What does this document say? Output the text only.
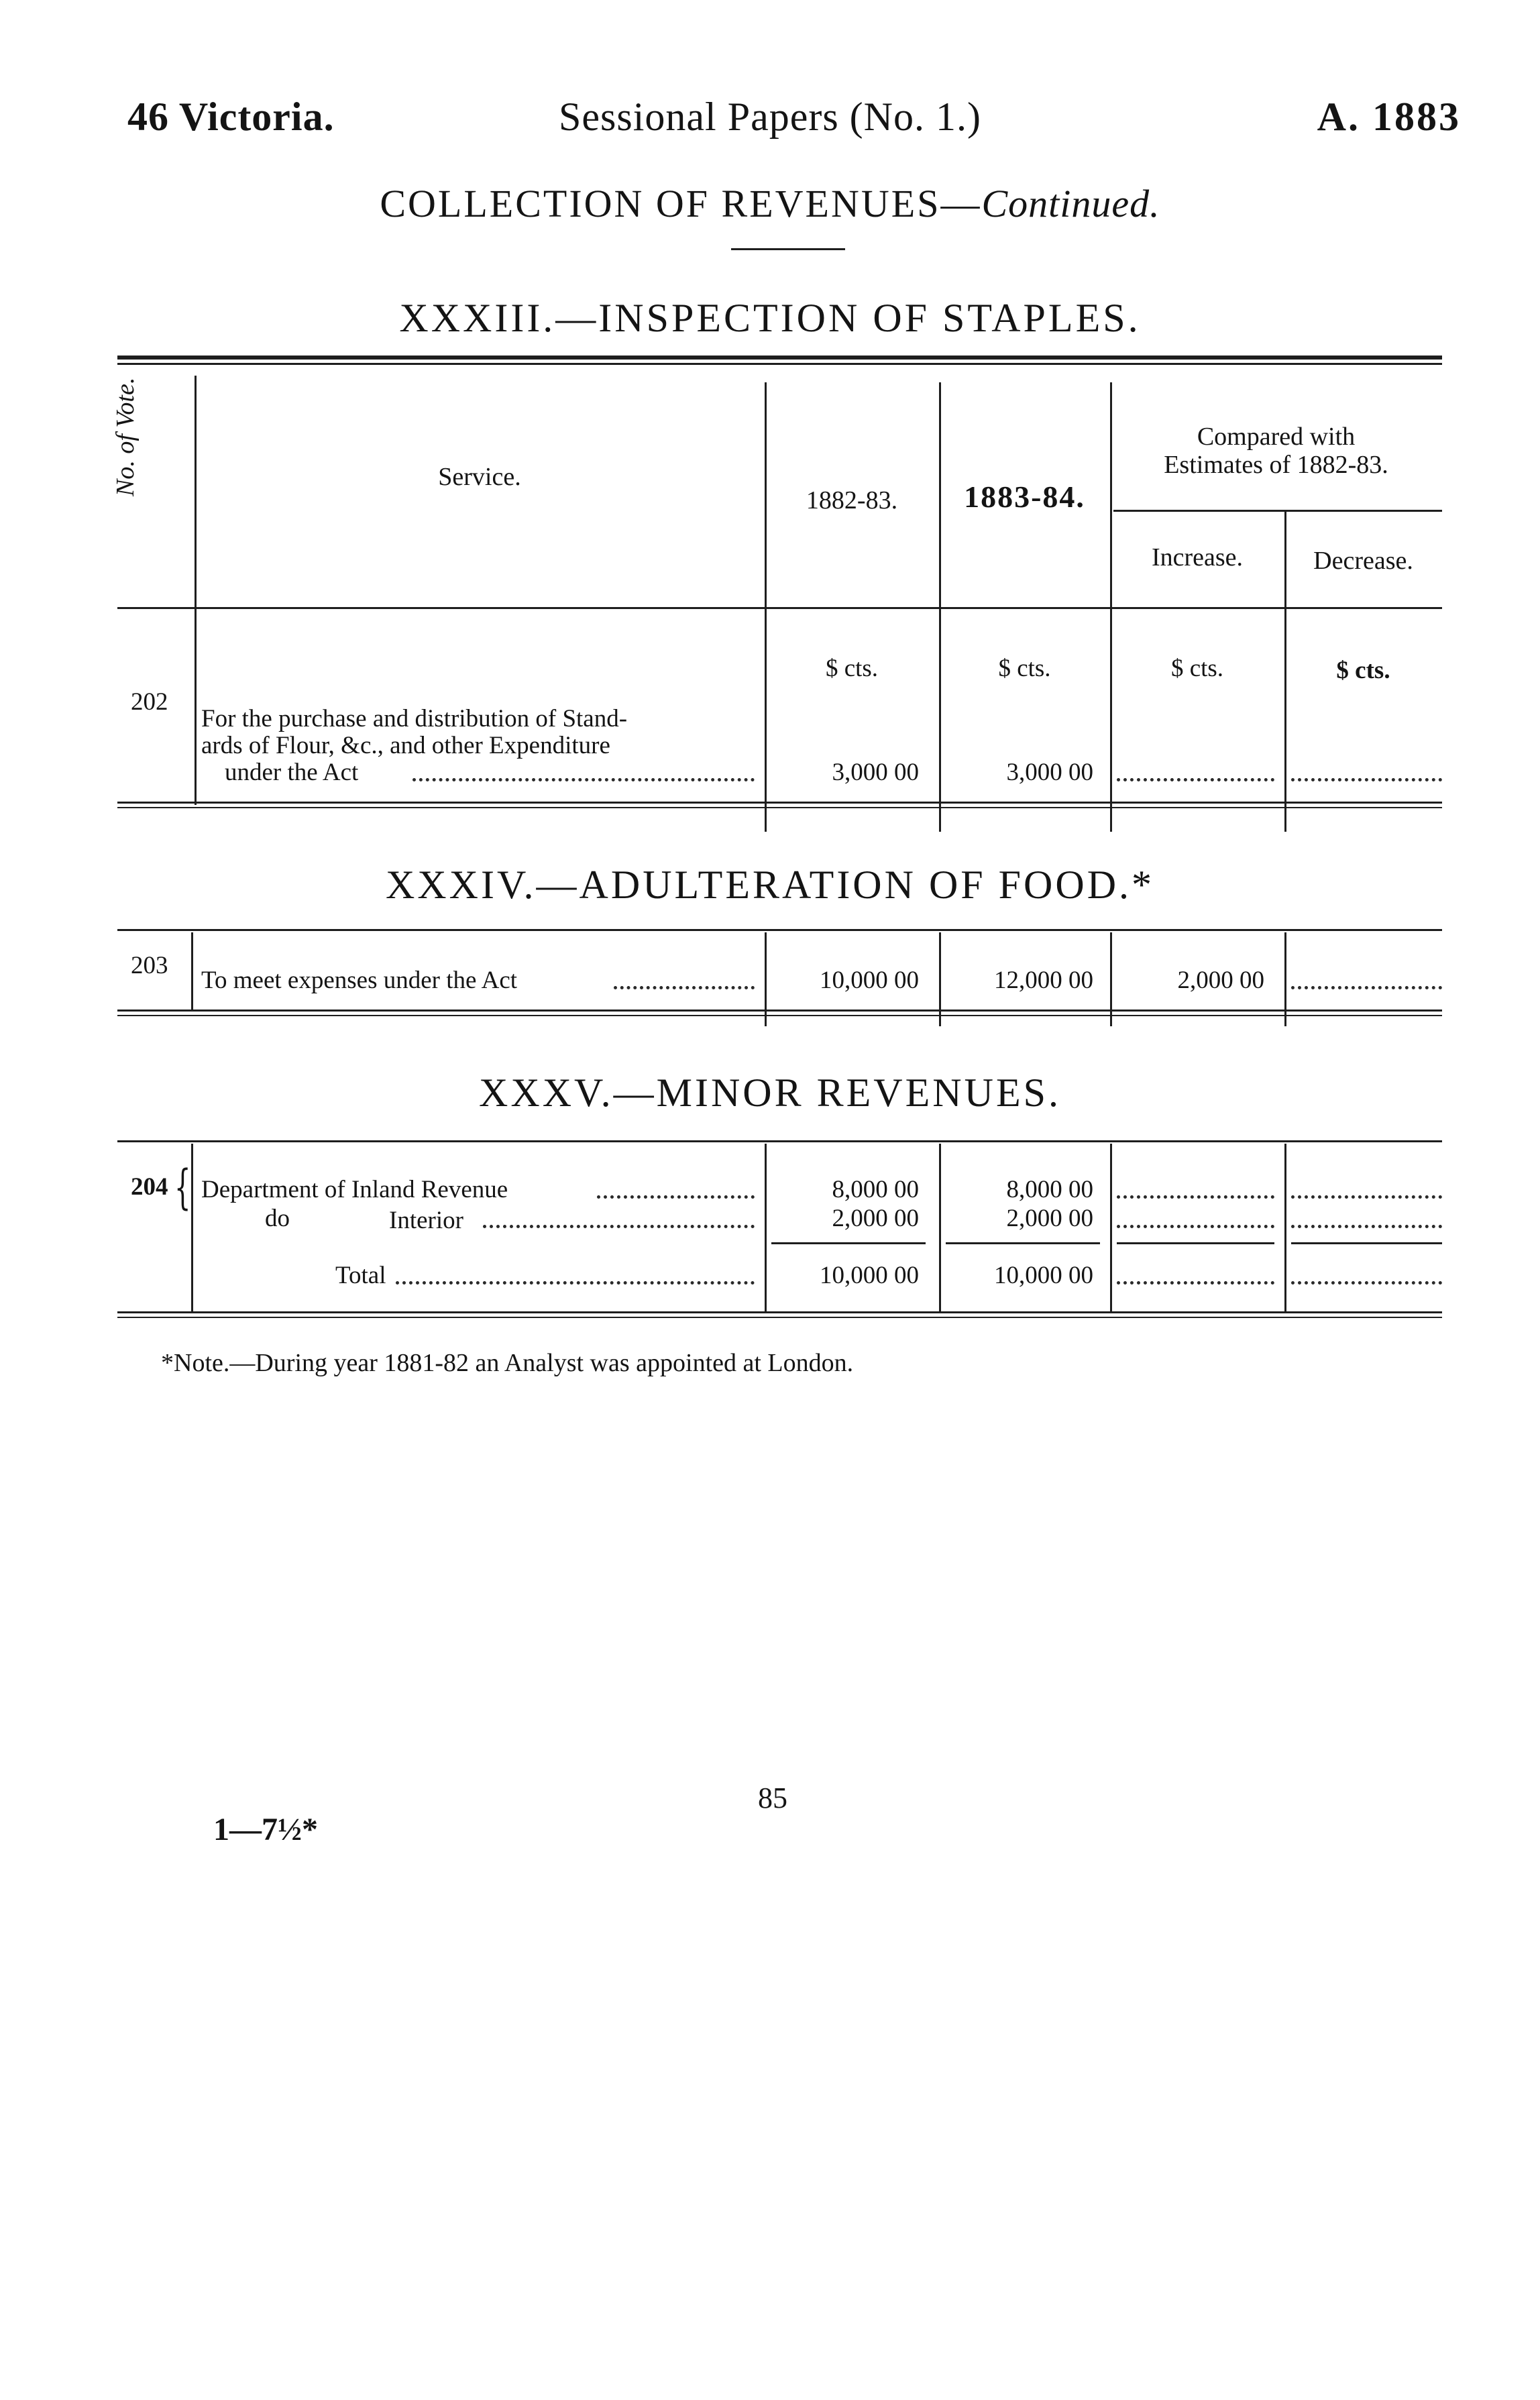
46 Victoria.	Sessional Papers (No. 1.)	A. 1883
COLLECTION OF REVENUES—Continued.
XXXIII.—INSPECTION OF STAPLES.
No. of Vote.	Service.
1882-83.	1883-84.
Compared with
Estimates of 1882-83.
Increase.	Decrease.
$ cts.	$ cts.	$ cts.	$ cts.
202
For the purchase and distribution of Stand-
ards of Flour, &c., and other Expenditure
under the Act	3,000 00	3,000 00
XXXIV.—ADULTERATION OF FOOD.*
203
To meet expenses under the Act	10,000 00	12,000 00	2,000 00
XXXV.—MINOR REVENUES.
204 { Department of Inland Revenue	8,000 00	8,000 00
do	Interior	2,000 00	2,000 00
Total	10,000 00	10,000 00
*Note.—During year 1881-82 an Analyst was appointed at London.
85
1—7½*
